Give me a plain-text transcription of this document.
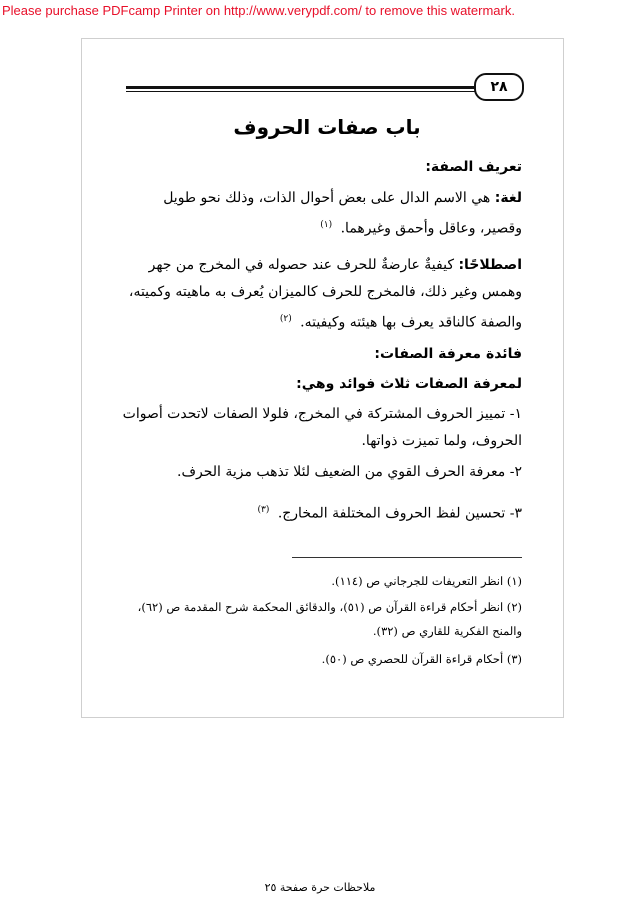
Please purchase PDFcamp Printer on http://www.verypdf.com/ to remove this watermark.
٢٨
باب صفات الحروف
تعريف الصفة:
لغة: هي الاسم الدال على بعض أحوال الذات، وذلك نحو طويل وقصير، وعاقل وأحمق وغيرهما. $^{(١)}$
اصطلاحًا: كيفيةٌ عارضةٌ للحرف عند حصوله في المخرج من جهر وهمس وغير ذلك، فالمخرج للحرف كالميزان يُعرف به ماهيته وكميته، والصفة كالناقد يعرف بها هيئته وكيفيته. $^{(٢)}$
فائدة معرفة الصفات:
لمعرفة الصفات ثلاث فوائد وهي:
١- تمييز الحروف المشتركة في المخرج، فلولا الصفات لاتحدت أصوات الحروف، ولما تميزت ذواتها.
٢- معرفة الحرف القوي من الضعيف لئلا تذهب مزية الحرف.
٣- تحسين لفظ الحروف المختلفة المخارج. $^{(٣)}$
(١) انظر التعريفات للجرجاني ص (١١٤).
(٢) انظر أحكام قراءة القرآن ص (٥١)، والدقائق المحكمة شرح المقدمة ص (٦٢)، والمنح الفكرية للقاري ص (٣٢).
(٣) أحكام قراءة القرآن للحصري ص (٥٠).
ملاحظات حرة صفحة ٢٥
